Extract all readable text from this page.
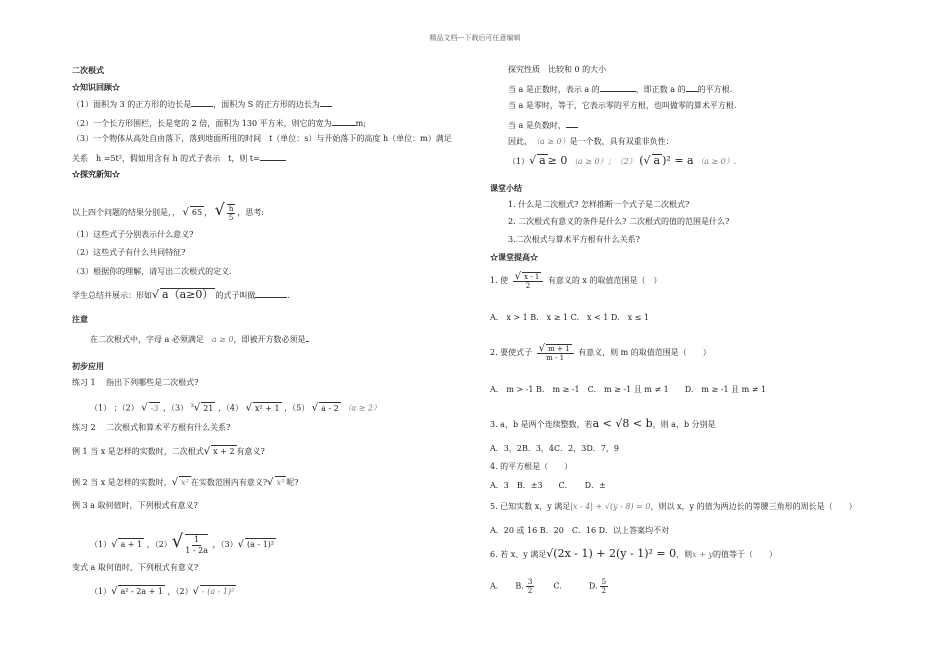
精品文档---下载后可任意编辑
二次根式
☆知识回顾☆
（1）面积为 3 的正方形的边长是	，面积为 S 的正方形的边长为
（2）一个长方形围栏，长是宽的 2 倍，面积为 130 平方米，则它的宽为	m;
（3）一个物体从高处自由落下，落到地面所用的时间　 t（单位：s）与开始落下的高度 h（单位：m）满足
关系　 h =5t²，假如用含有 h 的式子表示　 t，则 t=
☆探究新知☆
以上四个问题的结果分别是，， √ 65 ， √ $\frac{h}{5}$ ，思考:
（1）这些式子分别表示什么意义?
（2）这些式子有什么共同特征?
（3）根据你的理解，请写出二次根式的定义.
学生总结并展示：形如√ a（a≥0） 的式子叫做	.
注意
在二次根式中，字母 a 必须满足　 a ≥ 0，即被开方数必须是 .
初步应用
练习 1　 指出下列哪些是二次根式?
（1） ；（2） √ -3 ，（3） $^3$√ 21 ，（4） √ x² + 1 ，（5） √ a - 2 （a ≥ 2）
练习 2　 二次根式和算术平方根有什么关系?
例 1 当 x 是怎样的实数时，二次根式√ x + 2 有意义?
例 2 当 x 是怎样的实数时，√ x² 在实数范围内有意义?√ x³ 呢?
例 3 a 取何值时，下列根式有意义?
（1）√ a + 1 ，$(2)√ \frac{1}{1 - 2a}$ ，（3）√ (a - 1)²
变式 a 取何值时，下列根式有意义?
（1）√ a² - 2a + 1 ，（2）√ - (a - 1)²
探究性质　比较和 0 的大小
当 a 是正数时，表示 a 的	，即正数 a 的 的平方根.
当 a 是零时，等于，它表示零的平方根，也叫做零的算术平方根.
当 a 是负数时，
因此，　 （a ≥ 0）是一个数，具有双重非负性：
（1）√ a ≥ 0 （a ≥ 0）；（2） (√ a )² = a （a ≥ 0）.
课堂小结
1. 什么是二次根式? 怎样推断一个式子是二次根式?
2. 二次根式有意义的条件是什么? 二次根式的值的范围是什么?
3.二次根式与算术平方根有什么关系?
☆课堂提高☆
1. 使 $\frac{√ x - 1}{2}$ 有意义的 x 的取值范围是（　）
A.　x > 1 B.　x ≥ 1 C.　x < 1 D.　x ≤ 1
2. 要使式子 $\frac{√ m + 1}{m - 1}$ 有意义，则 m 的取值范围是（　　）
A.　m > -1 B.　m ≥ -1　C.　m ≥ -1 且 m ≠ 1　　D.　m ≥ -1 且 m ≠ 1
3. a，b 是两个连续整数，若a < √8 < b，则 a，b 分别是
A．3，2B．3，4C．2，3D．7，9
4. 的平方根是（　　）
A．3　B．±3　　C．　　D．±
5. 已知实数 x，y 满足|x - 4| + √(y - 8) = 0，则以 x，y 的值为两边长的等腰三角形的周长是（　　）
A．20 或 16 B．20　C．16 D．以上答案均不对
6. 若 x、y 满足√(2x - 1) + 2(y - 1)² = 0，则x + y的值等于（　　）
A. B. $\frac{3}{2} C$.	D. $\frac{5}{2}$
